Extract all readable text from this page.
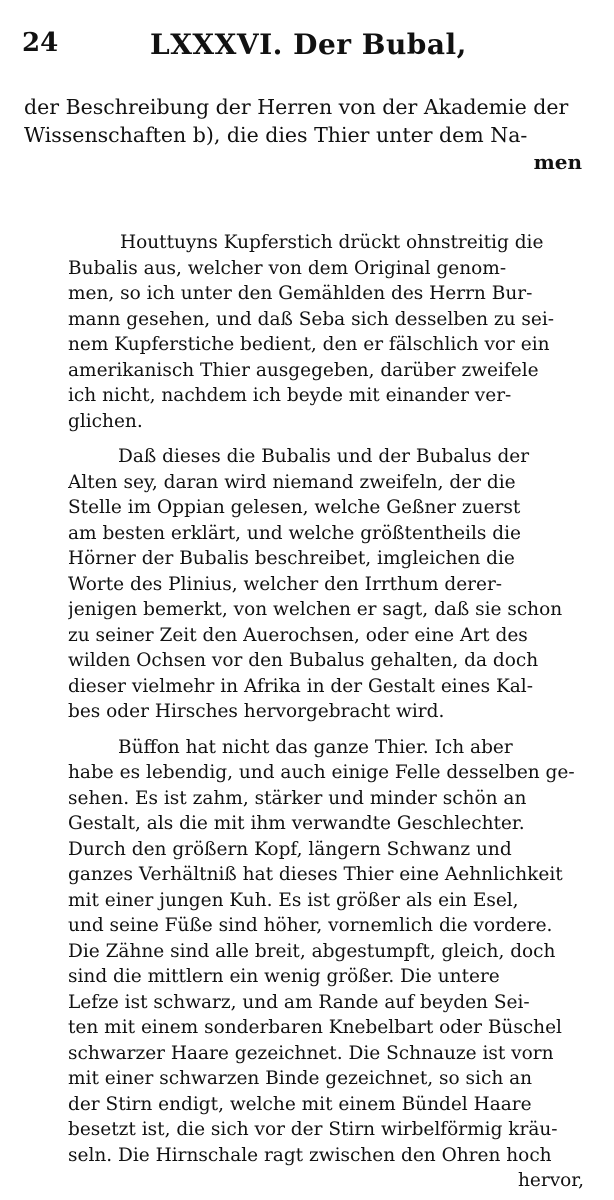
24	LXXXVI. Der Bubal,
der Beschreibung der Herren von der Akademie der
Wissenschaften b), die dies Thier unter dem Na-
men
Houttuyns Kupferstich drückt ohnstreitig die
Bubalis aus, welcher von dem Original genom-
men, so ich unter den Gemählden des Herrn Bur-
mann gesehen, und daß Seba sich desselben zu sei-
nem Kupferstiche bedient, den er fälschlich vor ein
amerikanisch Thier ausgegeben, darüber zweifele
ich nicht, nachdem ich beyde mit einander ver-
glichen.
Daß dieses die Bubalis und der Bubalus der
Alten sey, daran wird niemand zweifeln, der die
Stelle im Oppian gelesen, welche Geßner zuerst
am besten erklärt, und welche größtentheils die
Hörner der Bubalis beschreibet, imgleichen die
Worte des Plinius, welcher den Irrthum derer-
jenigen bemerkt, von welchen er sagt, daß sie schon
zu seiner Zeit den Auerochsen, oder eine Art des
wilden Ochsen vor den Bubalus gehalten, da doch
dieser vielmehr in Afrika in der Gestalt eines Kal-
bes oder Hirsches hervorgebracht wird.
Büffon hat nicht das ganze Thier. Ich aber
habe es lebendig, und auch einige Felle desselben ge-
sehen. Es ist zahm, stärker und minder schön an
Gestalt, als die mit ihm verwandte Geschlechter.
Durch den größern Kopf, längern Schwanz und
ganzes Verhältniß hat dieses Thier eine Aehnlichkeit
mit einer jungen Kuh. Es ist größer als ein Esel,
und seine Füße sind höher, vornemlich die vordere.
Die Zähne sind alle breit, abgestumpft, gleich, doch
sind die mittlern ein wenig größer. Die untere
Lefze ist schwarz, und am Rande auf beyden Sei-
ten mit einem sonderbaren Knebelbart oder Büschel
schwarzer Haare gezeichnet. Die Schnauze ist vorn
mit einer schwarzen Binde gezeichnet, so sich an
der Stirn endigt, welche mit einem Bündel Haare
besetzt ist, die sich vor der Stirn wirbelförmig kräu-
seln. Die Hirnschale ragt zwischen den Ohren hoch
hervor,
